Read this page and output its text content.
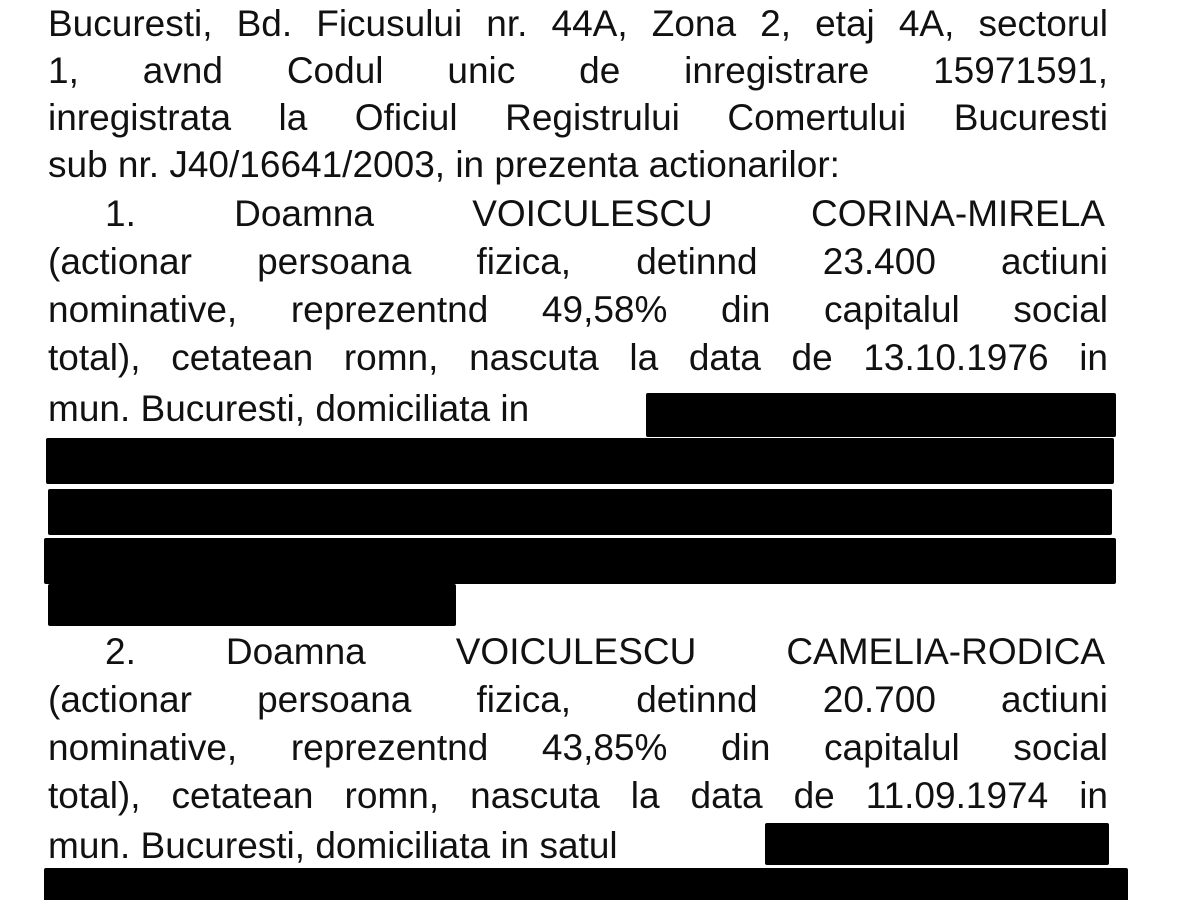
Bucuresti, Bd. Ficusului nr. 44A, Zona 2, etaj 4A, sectorul
1, avnd Codul unic de inregistrare 15971591,
inregistrata la Oficiul Registrului Comertului Bucuresti
sub nr. J40/16641/2003, in prezenta actionarilor:
1. Doamna VOICULESCU CORINA-MIRELA
(actionar persoana fizica, detinnd 23.400 actiuni
nominative, reprezentnd 49,58% din capitalul social
total), cetatean romn, nascuta la data de 13.10.1976 in
mun. Bucuresti, domiciliata in
2. Doamna VOICULESCU CAMELIA-RODICA
(actionar persoana fizica, detinnd 20.700 actiuni
nominative, reprezentnd 43,85% din capitalul social
total), cetatean romn, nascuta la data de 11.09.1974 in
mun. Bucuresti, domiciliata in satul
